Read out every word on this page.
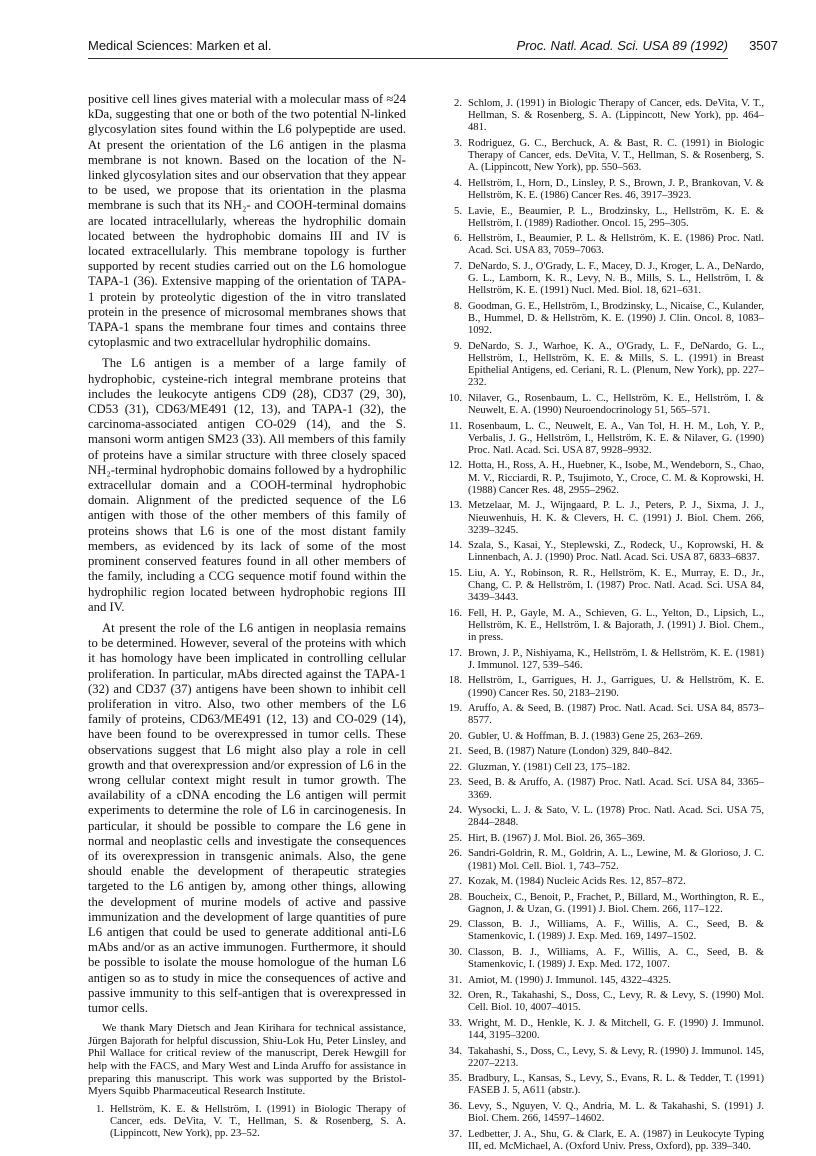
Medical Sciences: Marken et al.	Proc. Natl. Acad. Sci. USA 89 (1992) 3507

positive cell lines gives material with a molecular mass of ≈24 kDa, suggesting that one or both of the two potential N-linked glycosylation sites found within the L6 polypeptide are used. At present the orientation of the L6 antigen in the plasma membrane is not known. Based on the location of the N-linked glycosylation sites and our observation that they appear to be used, we propose that its orientation in the plasma membrane is such that its NH₂- and COOH-terminal domains are located intracellularly, whereas the hydrophilic domain located between the hydrophobic domains III and IV is located extracellularly. This membrane topology is further supported by recent studies carried out on the L6 homologue TAPA-1 (36). Extensive mapping of the orientation of TAPA-1 protein by proteolytic digestion of the in vitro translated protein in the presence of microsomal membranes shows that TAPA-1 spans the membrane four times and contains three cytoplasmic and two extracellular hydrophilic domains.

The L6 antigen is a member of a large family of hydrophobic, cysteine-rich integral membrane proteins that includes the leukocyte antigens CD9 (28), CD37 (29, 30), CD53 (31), CD63/ME491 (12, 13), and TAPA-1 (32), the carcinoma-associated antigen CO-029 (14), and the S. mansoni worm antigen SM23 (33). All members of this family of proteins have a similar structure with three closely spaced NH₂-terminal hydrophobic domains followed by a hydrophilic extracellular domain and a COOH-terminal hydrophobic domain. Alignment of the predicted sequence of the L6 antigen with those of the other members of this family of proteins shows that L6 is one of the most distant family members, as evidenced by its lack of some of the most prominent conserved features found in all other members of the family, including a CCG sequence motif found within the hydrophilic region located between hydrophobic regions III and IV.

At present the role of the L6 antigen in neoplasia remains to be determined. However, several of the proteins with which it has homology have been implicated in controlling cellular proliferation. In particular, mAbs directed against the TAPA-1 (32) and CD37 (37) antigens have been shown to inhibit cell proliferation in vitro. Also, two other members of the L6 family of proteins, CD63/ME491 (12, 13) and CO-029 (14), have been found to be overexpressed in tumor cells. These observations suggest that L6 might also play a role in cell growth and that overexpression and/or expression of L6 in the wrong cellular context might result in tumor growth. The availability of a cDNA encoding the L6 antigen will permit experiments to determine the role of L6 in carcinogenesis. In particular, it should be possible to compare the L6 gene in normal and neoplastic cells and investigate the consequences of its overexpression in transgenic animals. Also, the gene should enable the development of therapeutic strategies targeted to the L6 antigen by, among other things, allowing the development of murine models of active and passive immunization and the development of large quantities of pure L6 antigen that could be used to generate additional anti-L6 mAbs and/or as an active immunogen. Furthermore, it should be possible to isolate the mouse homologue of the human L6 antigen so as to study in mice the consequences of active and passive immunity to this self-antigen that is overexpressed in tumor cells.

We thank Mary Dietsch and Jean Kirihara for technical assistance, Jürgen Bajorath for helpful discussion, Shiu-Lok Hu, Peter Linsley, and Phil Wallace for critical review of the manuscript, Derek Hewgill for help with the FACS, and Mary West and Linda Aruffo for assistance in preparing this manuscript. This work was supported by the Bristol-Myers Squibb Pharmaceutical Research Institute.

1. Hellström, K. E. & Hellström, I. (1991) in Biologic Therapy of Cancer, eds. DeVita, V. T., Hellman, S. & Rosenberg, S. A. (Lippincott, New York), pp. 23–52.
2. Schlom, J. (1991) in Biologic Therapy of Cancer, eds. DeVita, V. T., Hellman, S. & Rosenberg, S. A. (Lippincott, New York), pp. 464–481.
3. Rodriguez, G. C., Berchuck, A. & Bast, R. C. (1991) in Biologic Therapy of Cancer, eds. DeVita, V. T., Hellman, S. & Rosenberg, S. A. (Lippincott, New York), pp. 550–563.
4. Hellström, I., Horn, D., Linsley, P. S., Brown, J. P., Brankovan, V. & Hellström, K. E. (1986) Cancer Res. 46, 3917–3923.
5. Lavie, E., Beaumier, P. L., Brodzinsky, L., Hellström, K. E. & Hellström, I. (1989) Radiother. Oncol. 15, 295–305.
6. Hellström, I., Beaumier, P. L. & Hellström, K. E. (1986) Proc. Natl. Acad. Sci. USA 83, 7059–7063.
7. DeNardo, S. J., O'Grady, L. F., Macey, D. J., Kroger, L. A., DeNardo, G. L., Lamborn, K. R., Levy, N. B., Mills, S. L., Hellström, I. & Hellström, K. E. (1991) Nucl. Med. Biol. 18, 621–631.
8. Goodman, G. E., Hellström, I., Brodzinsky, L., Nicaise, C., Kulander, B., Hummel, D. & Hellström, K. E. (1990) J. Clin. Oncol. 8, 1083–1092.
9. DeNardo, S. J., Warhoe, K. A., O'Grady, L. F., DeNardo, G. L., Hellström, I., Hellström, K. E. & Mills, S. L. (1991) in Breast Epithelial Antigens, ed. Ceriani, R. L. (Plenum, New York), pp. 227–232.
10. Nilaver, G., Rosenbaum, L. C., Hellström, K. E., Hellström, I. & Neuwelt, E. A. (1990) Neuroendocrinology 51, 565–571.
11. Rosenbaum, L. C., Neuwelt, E. A., Van Tol, H. H. M., Loh, Y. P., Verbalis, J. G., Hellström, I., Hellström, K. E. & Nilaver, G. (1990) Proc. Natl. Acad. Sci. USA 87, 9928–9932.
12. Hotta, H., Ross, A. H., Huebner, K., Isobe, M., Wendeborn, S., Chao, M. V., Ricciardi, R. P., Tsujimoto, Y., Croce, C. M. & Koprowski, H. (1988) Cancer Res. 48, 2955–2962.
13. Metzelaar, M. J., Wijngaard, P. L. J., Peters, P. J., Sixma, J. J., Nieuwenhuis, H. K. & Clevers, H. C. (1991) J. Biol. Chem. 266, 3239–3245.
14. Szala, S., Kasai, Y., Steplewski, Z., Rodeck, U., Koprowski, H. & Linnenbach, A. J. (1990) Proc. Natl. Acad. Sci. USA 87, 6833–6837.
15. Liu, A. Y., Robinson, R. R., Hellström, K. E., Murray, E. D., Jr., Chang, C. P. & Hellström, I. (1987) Proc. Natl. Acad. Sci. USA 84, 3439–3443.
16. Fell, H. P., Gayle, M. A., Schieven, G. L., Yelton, D., Lipsich, L., Hellström, K. E., Hellström, I. & Bajorath, J. (1991) J. Biol. Chem., in press.
17. Brown, J. P., Nishiyama, K., Hellström, I. & Hellström, K. E. (1981) J. Immunol. 127, 539–546.
18. Hellström, I., Garrigues, H. J., Garrigues, U. & Hellström, K. E. (1990) Cancer Res. 50, 2183–2190.
19. Aruffo, A. & Seed, B. (1987) Proc. Natl. Acad. Sci. USA 84, 8573–8577.
20. Gubler, U. & Hoffman, B. J. (1983) Gene 25, 263–269.
21. Seed, B. (1987) Nature (London) 329, 840–842.
22. Gluzman, Y. (1981) Cell 23, 175–182.
23. Seed, B. & Aruffo, A. (1987) Proc. Natl. Acad. Sci. USA 84, 3365–3369.
24. Wysocki, L. J. & Sato, V. L. (1978) Proc. Natl. Acad. Sci. USA 75, 2844–2848.
25. Hirt, B. (1967) J. Mol. Biol. 26, 365–369.
26. Sandri-Goldrin, R. M., Goldrin, A. L., Lewine, M. & Glorioso, J. C. (1981) Mol. Cell. Biol. 1, 743–752.
27. Kozak, M. (1984) Nucleic Acids Res. 12, 857–872.
28. Boucheix, C., Benoit, P., Frachet, P., Billard, M., Worthington, R. E., Gagnon, J. & Uzan, G. (1991) J. Biol. Chem. 266, 117–122.
29. Classon, B. J., Williams, A. F., Willis, A. C., Seed, B. & Stamenkovic, I. (1989) J. Exp. Med. 169, 1497–1502.
30. Classon, B. J., Williams, A. F., Willis, A. C., Seed, B. & Stamenkovic, I. (1989) J. Exp. Med. 172, 1007.
31. Amiot, M. (1990) J. Immunol. 145, 4322–4325.
32. Oren, R., Takahashi, S., Doss, C., Levy, R. & Levy, S. (1990) Mol. Cell. Biol. 10, 4007–4015.
33. Wright, M. D., Henkle, K. J. & Mitchell, G. F. (1990) J. Immunol. 144, 3195–3200.
34. Takahashi, S., Doss, C., Levy, S. & Levy, R. (1990) J. Immunol. 145, 2207–2213.
35. Bradbury, L., Kansas, S., Levy, S., Evans, R. L. & Tedder, T. (1991) FASEB J. 5, A611 (abstr.).
36. Levy, S., Nguyen, V. Q., Andria, M. L. & Takahashi, S. (1991) J. Biol. Chem. 266, 14597–14602.
37. Ledbetter, J. A., Shu, G. & Clark, E. A. (1987) in Leukocyte Typing III, ed. McMichael, A. (Oxford Univ. Press, Oxford), pp. 339–340.
